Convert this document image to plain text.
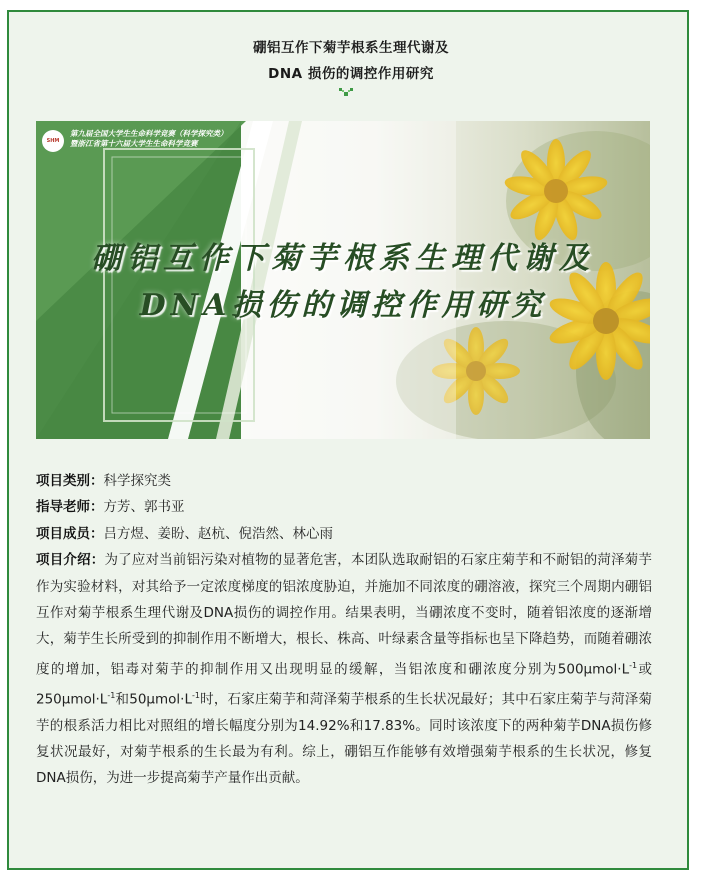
硼铝互作下菊芋根系生理代谢及
DNA 损伤的调控作用研究
SHM
第九届全国大学生生命科学竞赛（科学探究类）
暨浙江省第十六届大学生生命科学竞赛
硼铝互作下菊芋根系生理代谢及
DNA损伤的调控作用研究
项目类别：科学探究类
指导老师：方芳、郭书亚
项目成员：吕方煜、姜盼、赵杭、倪浩然、林心雨
项目介绍：为了应对当前铝污染对植物的显著危害，本团队选取耐铝的石家庄菊芋和不耐铝的菏泽菊芋作为实验材料，对其给予一定浓度梯度的铝浓度胁迫，并施加不同浓度的硼溶液，探究三个周期内硼铝互作对菊芋根系生理代谢及DNA损伤的调控作用。结果表明，当硼浓度不变时，随着铝浓度的逐渐增大，菊芋生长所受到的抑制作用不断增大，根长、株高、叶绿素含量等指标也呈下降趋势，而随着硼浓度的增加，铝毒对菊芋的抑制作用又出现明显的缓解，当铝浓度和硼浓度分别为$500\mu mol\cdot L^{-1}$或$250\mu mol\cdot L^{-1}$和$50\mu mol\cdot L^{-1}$时，石家庄菊芋和菏泽菊芋根系的生长状况最好；其中石家庄菊芋与菏泽菊芋的根系活力相比对照组的增长幅度分别为14.92%和17.83%。同时该浓度下的两种菊芋DNA损伤修复状况最好，对菊芋根系的生长最为有利。综上，硼铝互作能够有效增强菊芋根系的生长状况，修复DNA损伤，为进一步提高菊芋产量作出贡献。
